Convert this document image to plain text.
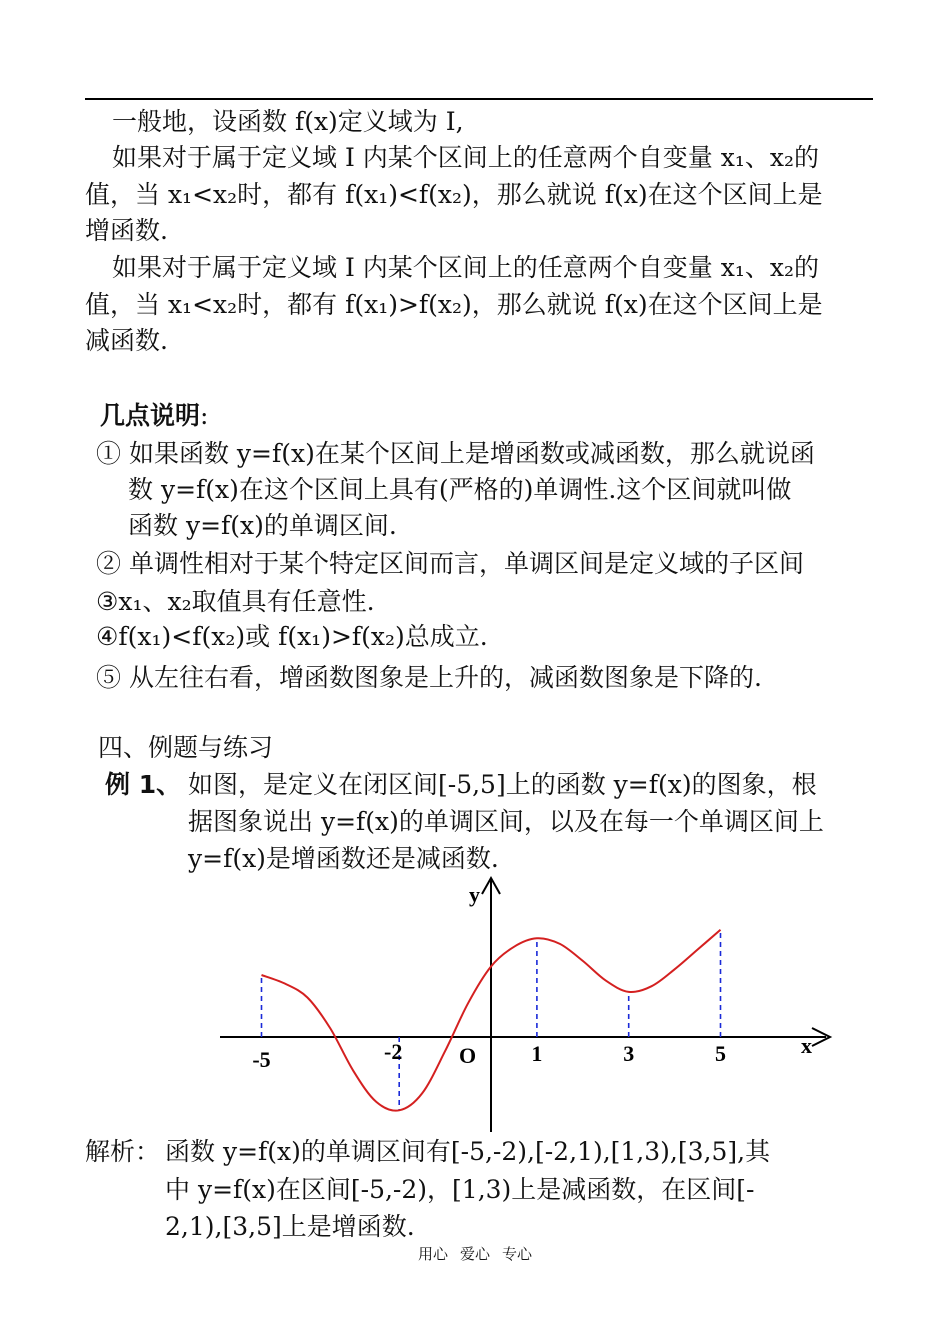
一般地，设函数 f(x)定义域为 I,
如果对于属于定义域 I 内某个区间上的任意两个自变量 x₁、x₂的
值，当 x₁<x₂时，都有 f(x₁)<f(x₂)，那么就说 f(x)在这个区间上是
增函数.
如果对于属于定义域 I 内某个区间上的任意两个自变量 x₁、x₂的
值，当 x₁<x₂时，都有 f(x₁)>f(x₂)，那么就说 f(x)在这个区间上是
减函数.
几点说明:
① 如果函数 y=f(x)在某个区间上是增函数或减函数，那么就说函
数 y=f(x)在这个区间上具有(严格的)单调性.这个区间就叫做
函数 y=f(x)的单调区间.
② 单调性相对于某个特定区间而言，单调区间是定义域的子区间
③x₁、x₂取值具有任意性.
④f(x₁)<f(x₂)或 f(x₁)>f(x₂)总成立.
⑤ 从左往右看，增函数图象是上升的，减函数图象是下降的.
四、例题与练习
例 1、 如图，是定义在闭区间[-5,5]上的函数 y=f(x)的图象，根
据图象说出 y=f(x)的单调区间，以及在每一个单调区间上
y=f(x)是增函数还是减函数.
y
x
O
-5	-2	1	3	5
解析： 函数 y=f(x)的单调区间有[-5,-2),[-2,1),[1,3),[3,5],其
中 y=f(x)在区间[-5,-2)，[1,3)上是减函数，在区间[-
2,1),[3,5]上是增函数.
用心 爱心 专心
